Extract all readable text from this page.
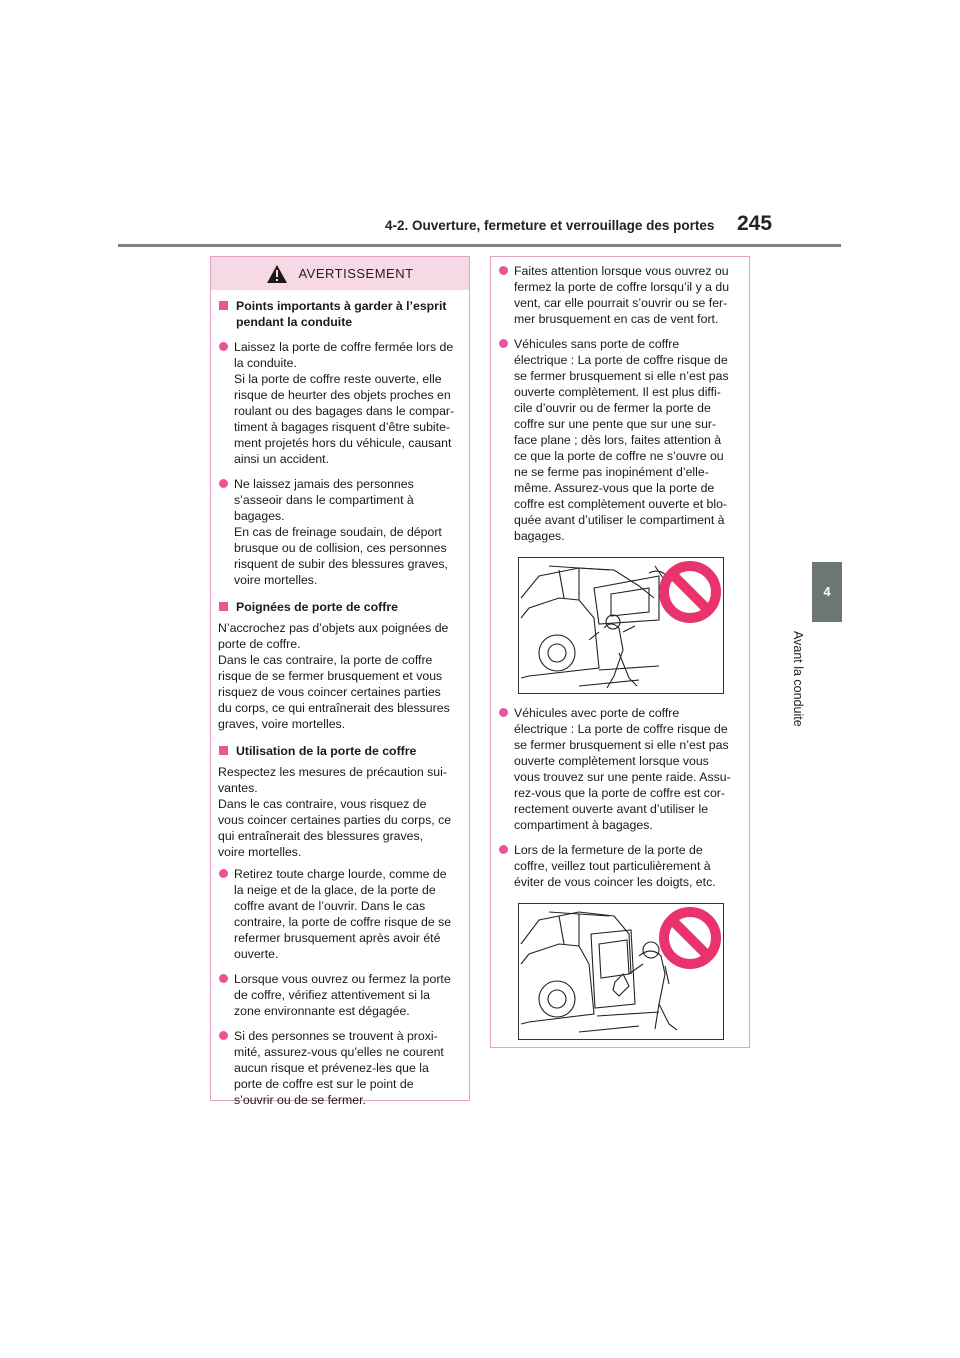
4-2. Ouverture, fermeture et verrouillage des portes 245
4
Avant la conduite
AVERTISSEMENT
Points importants à garder à l’esprit
pendant la conduite
Laissez la porte de coffre fermée lors de
la conduite.
Si la porte de coffre reste ouverte, elle
risque de heurter des objets proches en
roulant ou des bagages dans le compar-
timent à bagages risquent d’être subite-
ment projetés hors du véhicule, causant
ainsi un accident.
Ne laissez jamais des personnes
s’asseoir dans le compartiment à
bagages.
En cas de freinage soudain, de déport
brusque ou de collision, ces personnes
risquent de subir des blessures graves,
voire mortelles.
Poignées de porte de coffre
N’accrochez pas d’objets aux poignées de
porte de coffre.
Dans le cas contraire, la porte de coffre
risque de se fermer brusquement et vous
risquez de vous coincer certaines parties
du corps, ce qui entraînerait des blessures
graves, voire mortelles.
Utilisation de la porte de coffre
Respectez les mesures de précaution sui-
vantes.
Dans le cas contraire, vous risquez de
vous coincer certaines parties du corps, ce
qui entraînerait des blessures graves,
voire mortelles.
Retirez toute charge lourde, comme de
la neige et de la glace, de la porte de
coffre avant de l’ouvrir. Dans le cas
contraire, la porte de coffre risque de se
refermer brusquement après avoir été
ouverte.
Lorsque vous ouvrez ou fermez la porte
de coffre, vérifiez attentivement si la
zone environnante est dégagée.
Si des personnes se trouvent à proxi-
mité, assurez-vous qu’elles ne courent
aucun risque et prévenez-les que la
porte de coffre est sur le point de
s’ouvrir ou de se fermer.
Faites attention lorsque vous ouvrez ou
fermez la porte de coffre lorsqu’il y a du
vent, car elle pourrait s’ouvrir ou se fer-
mer brusquement en cas de vent fort.
Véhicules sans porte de coffre
électrique : La porte de coffre risque de
se fermer brusquement si elle n’est pas
ouverte complètement. Il est plus diffi-
cile d’ouvrir ou de fermer la porte de
coffre sur une pente que sur une sur-
face plane ; dès lors, faites attention à
ce que la porte de coffre ne s’ouvre ou
ne se ferme pas inopinément d’elle-
même. Assurez-vous que la porte de
coffre est complètement ouverte et blo-
quée avant d’utiliser le compartiment à
bagages.
Véhicules avec porte de coffre
électrique : La porte de coffre risque de
se fermer brusquement si elle n’est pas
ouverte complètement lorsque vous
vous trouvez sur une pente raide. Assu-
rez-vous que la porte de coffre est cor-
rectement ouverte avant d’utiliser le
compartiment à bagages.
Lors de la fermeture de la porte de
coffre, veillez tout particulièrement à
éviter de vous coincer les doigts, etc.
